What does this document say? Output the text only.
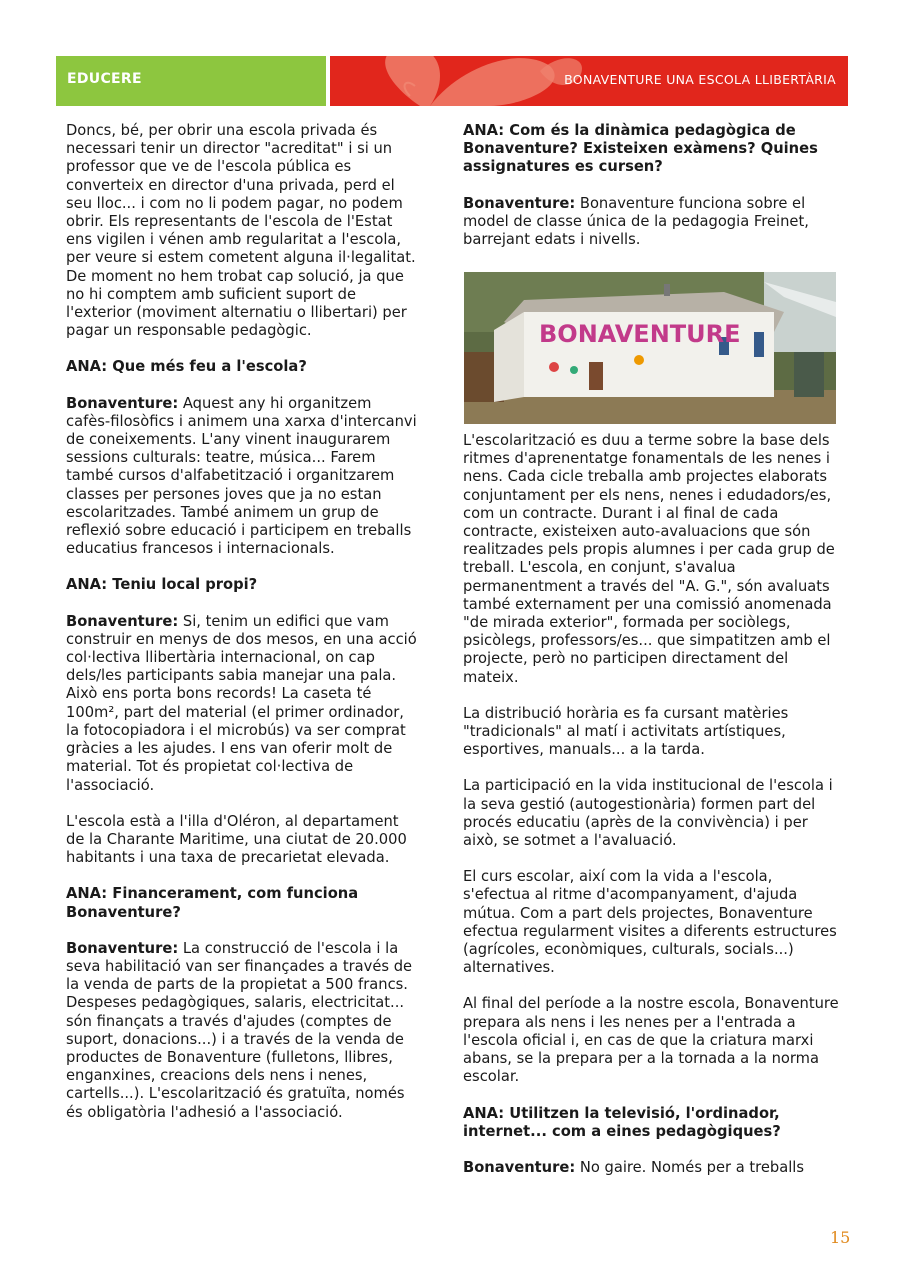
EDUCERE	BONAVENTURE UNA ESCOLA LLIBERTÀRIA

Doncs, bé, per obrir una escola privada és necessari tenir un director "acreditat" i si un professor que ve de l'escola pública es converteix en director d'una privada, perd el seu lloc... i com no li podem pagar, no podem obrir. Els representants de l'escola de l'Estat ens vigilen i vénen amb regularitat a l'escola, per veure si estem cometent alguna il·legalitat. De moment no hem trobat cap solució, ja que no hi comptem amb suficient suport de l'exterior (moviment alternatiu o llibertari) per pagar un responsable pedagògic.

ANA: Que més feu a l'escola?

Bonaventure: Aquest any hi organitzem cafès-filosòfics i animem una xarxa d'intercanvi de coneixements. L'any vinent inaugurarem sessions culturals: teatre, música... Farem també cursos d'alfabetització i organitzarem classes per persones joves que ja no estan escolaritzades. També animem un grup de reflexió sobre educació i participem en treballs educatius francesos i internacionals.

ANA: Teniu local propi?

Bonaventure: Si, tenim un edifici que vam construir en menys de dos mesos, en una acció col·lectiva llibertària internacional, on cap dels/les participants sabia manejar una pala. Això ens porta bons records! La caseta té 100m², part del material (el primer ordinador, la fotocopiadora i el microbús) va ser comprat gràcies a les ajudes. I ens van oferir molt de material. Tot és propietat col·lectiva de l'associació.

L'escola està a l'illa d'Oléron, al departament de la Charante Maritime, una ciutat de 20.000 habitants i una taxa de precarietat elevada.

ANA: Financerament, com funciona Bonaventure?

Bonaventure: La construcció de l'escola i la seva habilitació van ser finançades a través de la venda de parts de la propietat a 500 francs. Despeses pedagògiques, salaris, electricitat... són finançats a través d'ajudes (comptes de suport, donacions...) i a través de la venda de productes de Bonaventure (fulletons, llibres, enganxines, creacions dels nens i nenes, cartells...). L'escolarització és gratuïta, només és obligatòria l'adhesió a l'associació.

ANA: Com és la dinàmica pedagògica de Bonaventure? Existeixen exàmens? Quines assignatures es cursen?

Bonaventure: Bonaventure funciona sobre el model de classe única de la pedagogia Freinet, barrejant edats i nivells.

BONAVENTURE

L'escolarització es duu a terme sobre la base dels ritmes d'aprenentatge fonamentals de les nenes i nens. Cada cicle treballa amb projectes elaborats conjuntament per els nens, nenes i edudadors/es, com un contracte. Durant i al final de cada contracte, existeixen auto-avaluacions que són realitzades pels propis alumnes i per cada grup de treball. L'escola, en conjunt, s'avalua permanentment a través del "A. G.", són avaluats també externament per una comissió anomenada "de mirada exterior", formada per sociòlegs, psicòlegs, professors/es... que simpatitzen amb el projecte, però no participen directament del mateix.

La distribució horària es fa cursant matèries "tradicionals" al matí i activitats artístiques, esportives, manuals... a la tarda.

La participació en la vida institucional de l'escola i la seva gestió (autogestionària) formen part del procés educatiu (après de la convivència) i per això, se sotmet a l'avaluació.

El curs escolar, així com la vida a l'escola, s'efectua al ritme d'acompanyament, d'ajuda mútua. Com a part dels projectes, Bonaventure efectua regularment visites a diferents estructures (agrícoles, econòmiques, culturals, socials...) alternatives.

Al final del període a la nostre escola, Bonaventure prepara als nens i les nenes per a l'entrada a l'escola oficial i, en cas de que la criatura marxi abans, se la prepara per a la tornada a la norma escolar.

ANA: Utilitzen la televisió, l'ordinador, internet... com a eines pedagògiques?

Bonaventure: No gaire. Només per a treballs

15
